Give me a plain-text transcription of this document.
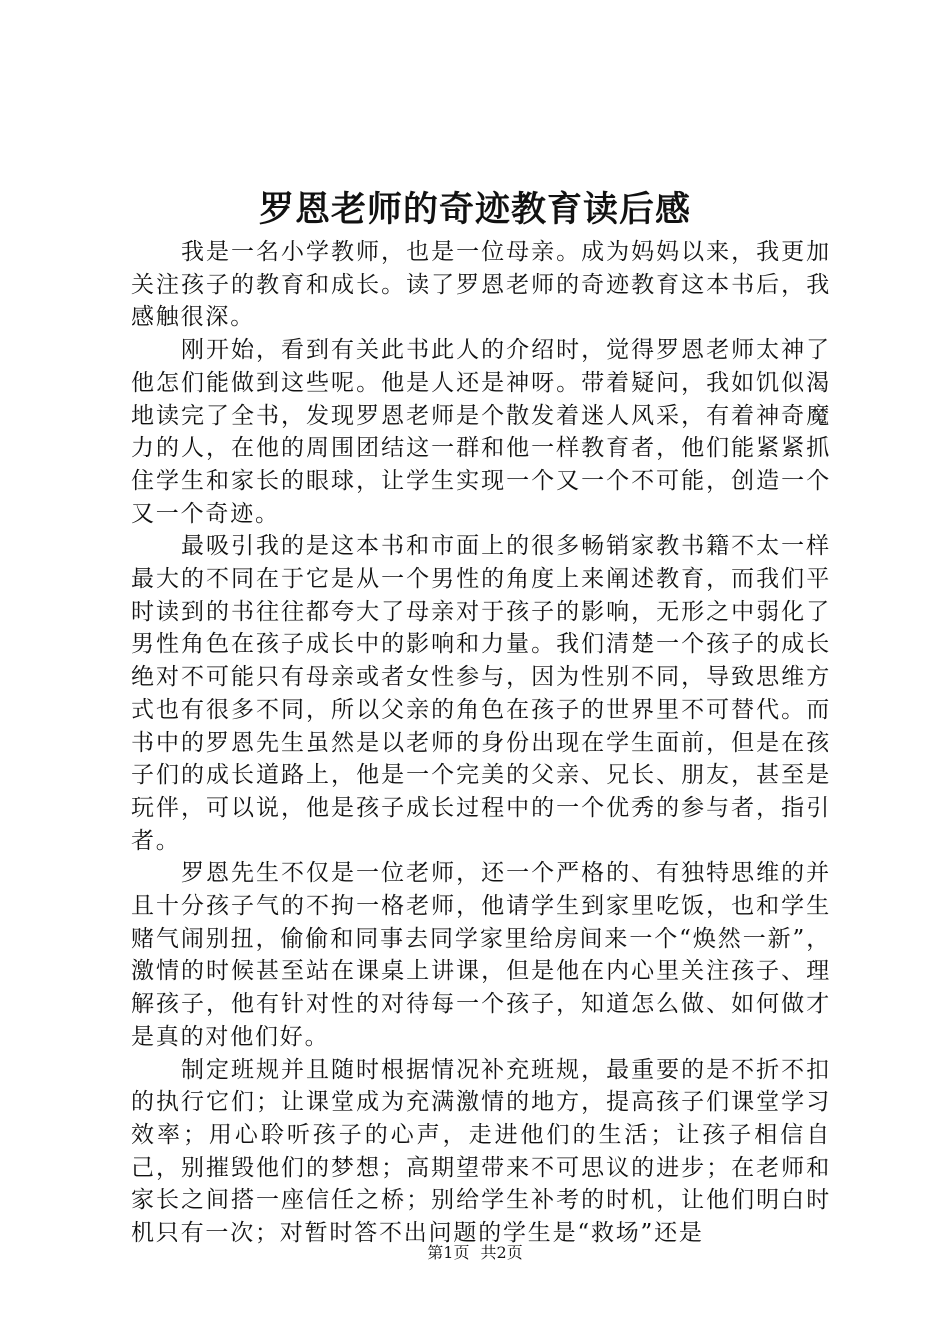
罗恩老师的奇迹教育读后感

我是一名小学教师，也是一位母亲。成为妈妈以来，我更加关注孩子的教育和成长。读了罗恩老师的奇迹教育这本书后，我感触很深。

刚开始，看到有关此书此人的介绍时，觉得罗恩老师太神了他怎们能做到这些呢。他是人还是神呀。带着疑问，我如饥似渴地读完了全书，发现罗恩老师是个散发着迷人风采，有着神奇魔力的人，在他的周围团结这一群和他一样教育者，他们能紧紧抓住学生和家长的眼球，让学生实现一个又一个不可能，创造一个又一个奇迹。

最吸引我的是这本书和市面上的很多畅销家教书籍不太一样最大的不同在于它是从一个男性的角度上来阐述教育，而我们平时读到的书往往都夸大了母亲对于孩子的影响，无形之中弱化了男性角色在孩子成长中的影响和力量。我们清楚一个孩子的成长绝对不可能只有母亲或者女性参与，因为性别不同，导致思维方式也有很多不同，所以父亲的角色在孩子的世界里不可替代。而书中的罗恩先生虽然是以老师的身份出现在学生面前，但是在孩子们的成长道路上，他是一个完美的父亲、兄长、朋友，甚至是玩伴，可以说，他是孩子成长过程中的一个优秀的参与者，指引者。

罗恩先生不仅是一位老师，还一个严格的、有独特思维的并且十分孩子气的不拘一格老师，他请学生到家里吃饭，也和学生赌气闹别扭，偷偷和同事去同学家里给房间来一个“焕然一新”，激情的时候甚至站在课桌上讲课，但是他在内心里关注孩子、理解孩子，他有针对性的对待每一个孩子，知道怎么做、如何做才是真的对他们好。

制定班规并且随时根据情况补充班规，最重要的是不折不扣的执行它们；让课堂成为充满激情的地方，提高孩子们课堂学习效率；用心聆听孩子的心声，走进他们的生活；让孩子相信自己，别摧毁他们的梦想；高期望带来不可思议的进步；在老师和家长之间搭一座信任之桥；别给学生补考的时机，让他们明白时机只有一次；对暂时答不出问题的学生是“救场”还是

第1页 共2页
